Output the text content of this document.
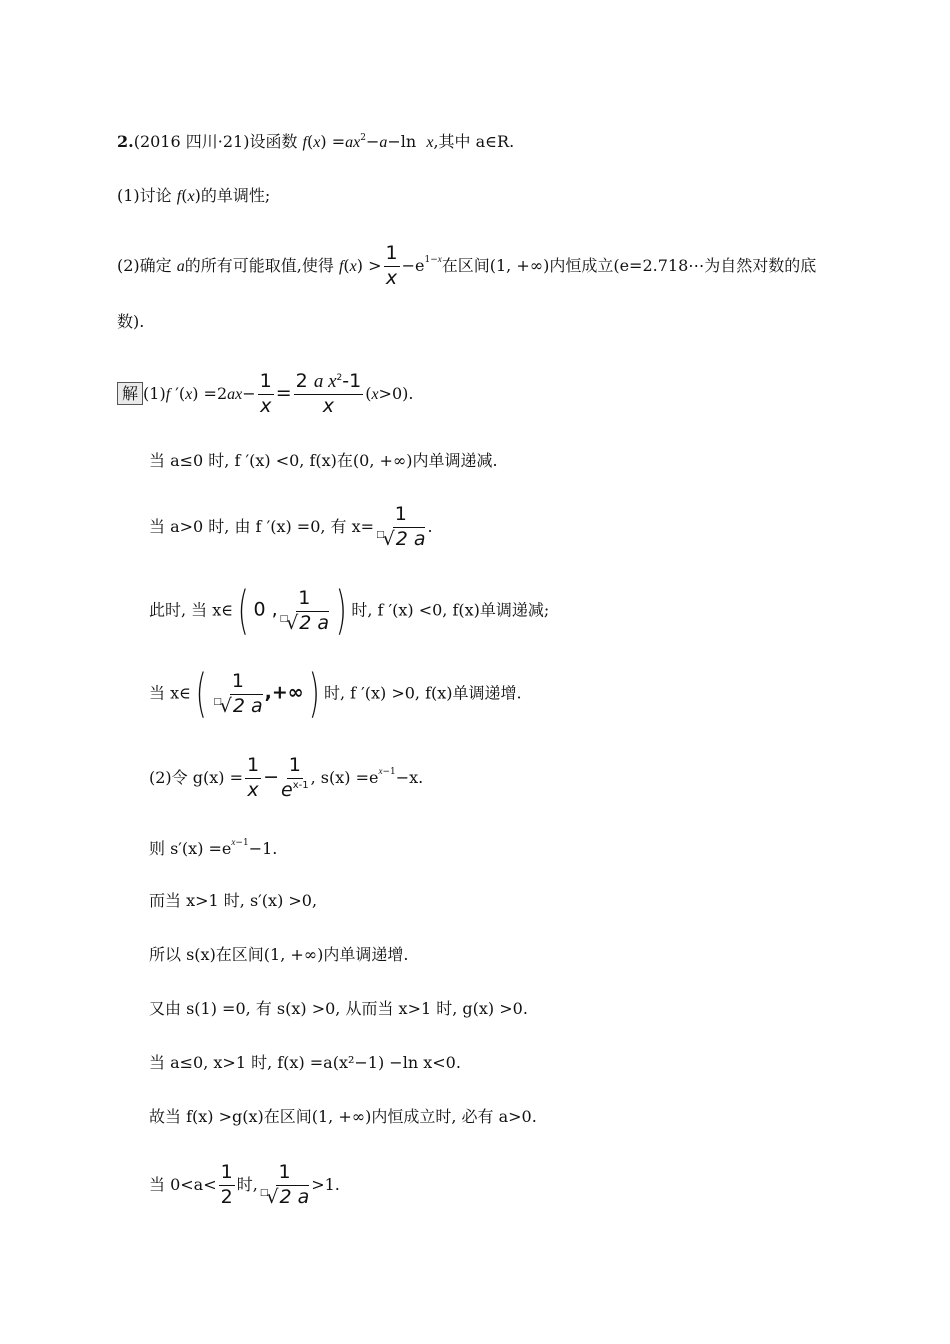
2.(2016 四川·21)设函数 $f(x) =ax^2-a-\ln$  x,其中 a∈R.
(1)讨论 f(x)的单调性;
(2)确定 a的所有可能取值,使得 $f(x) > \frac{1}{x} -e^{1-x}$在区间(1, +∞)内恒成立(e=2.718⋯为自然对数的底
数).
解 (1)f $'(x) =2ax- \frac{1}{x} = \frac{2 a x^2-1}{x} (x>0)$.
当 a≤0 时, f ′(x) <0, f(x)在(0, +∞)内单调递减.
当 a>0 时, 由 f ′(x) =0, 有 $x= \frac{1}{^□√2 a}$ .
此时, 当 x∈( 0 , $\frac{1}{^□√2 a}$ ) 时, f ′(x) <0, f(x)单调递减;
当 x∈( $\frac{1}{^□√2 a}$ ,+∞) 时, f ′(x) >0, f(x)单调递增.
(2)令 $g(x) = \frac{1}{x} - \frac{1}{e^{x-1}}$ , $s(x) =e^{x-1}-x$.
则 $s'(x) =e^{x-1}-1$.
而当 x>1 时, s′(x) >0,
所以 s(x)在区间(1, +∞)内单调递增.
又由 s(1) =0, 有 s(x) >0, 从而当 x>1 时, g(x) >0.
当 a≤0, x>1 时, f(x) =a(x²−1) −ln x<0.
故当 f(x) >g(x)在区间(1, +∞)内恒成立时, 必有 a>0.
当 $0<a< \frac{1}{2}$ 时, $\frac{1}{^□√2 a} >1$.
